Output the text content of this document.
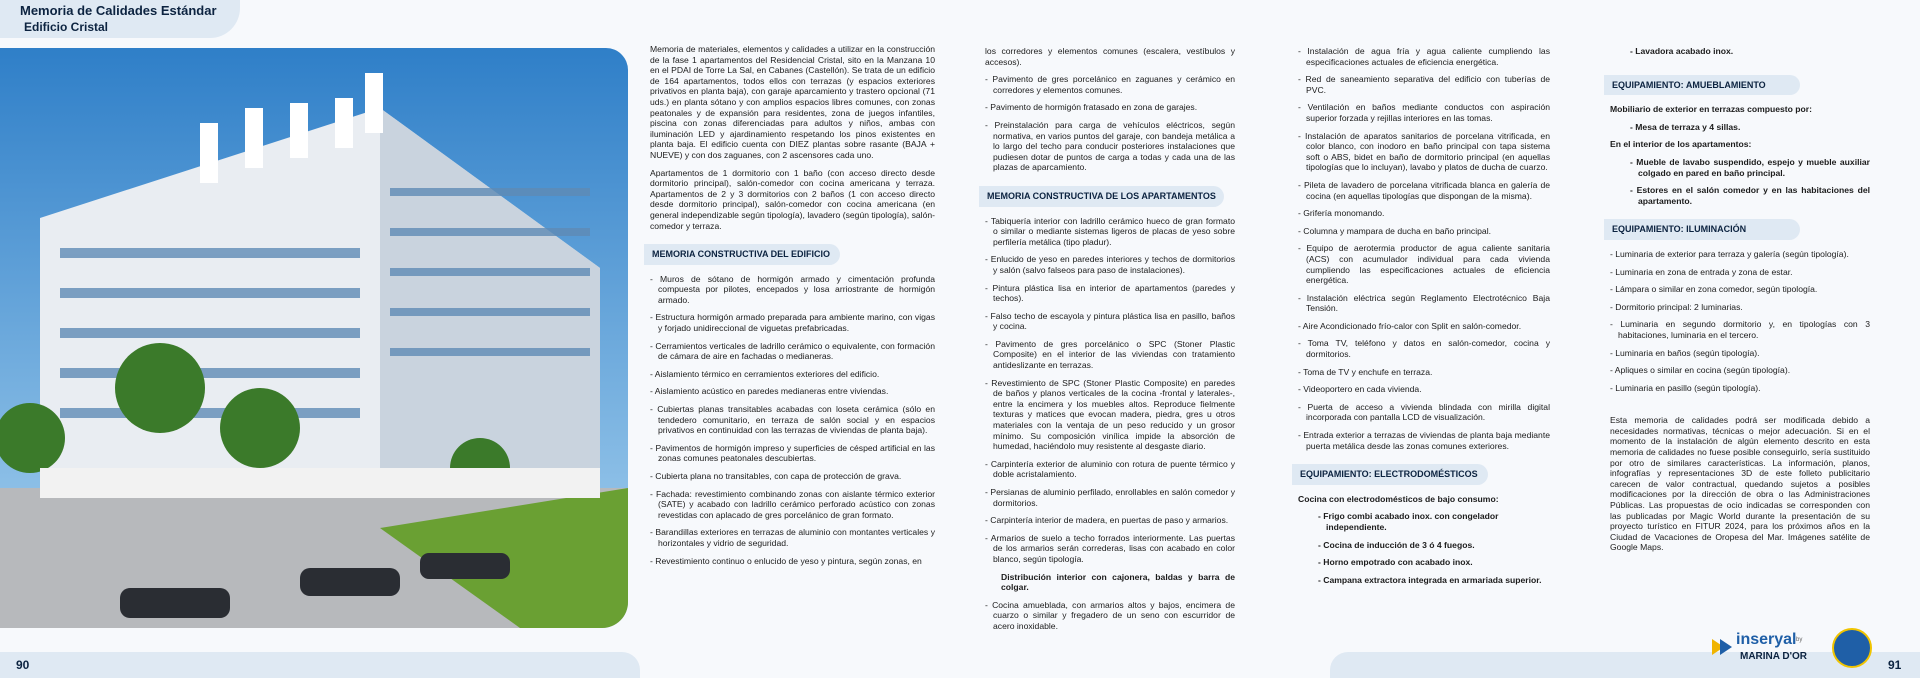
Memoria de Calidades Estándar
Edificio Cristal

Memoria de materiales, elementos y calidades a utilizar en la construcción de la fase 1 apartamentos del Residencial Cristal, sito en la Manzana 10 en el PDAI de Torre La Sal, en Cabanes (Castellón). Se trata de un edificio de 164 apartamentos, todos ellos con terrazas (y espacios exteriores privativos en planta baja), con garaje aparcamiento y trastero opcional (71 uds.) en planta sótano y con amplios espacios libres comunes, con zonas peatonales y de expansión para residentes, zona de juegos infantiles, piscina con zonas diferenciadas para adultos y niños, ambas con iluminación LED y ajardinamiento respetando los pinos existentes en planta baja. El edificio cuenta con DIEZ plantas sobre rasante (BAJA + NUEVE) y con dos zaguanes, con 2 ascensores cada uno.

Apartamentos de 1 dormitorio con 1 baño (con acceso directo desde dormitorio principal), salón-comedor con cocina americana y terraza. Apartamentos de 2 y 3 dormitorios con 2 baños (1 con acceso directo desde dormitorio principal), salón-comedor con cocina americana (en general independizable según tipología), lavadero (según tipología), salón-comedor y terraza.

MEMORIA CONSTRUCTIVA DEL EDIFICIO
- Muros de sótano de hormigón armado y cimentación profunda compuesta por pilotes, encepados y losa arriostrante de hormigón armado.
- Estructura hormigón armado preparada para ambiente marino, con vigas y forjado unidireccional de viguetas prefabricadas.
- Cerramientos verticales de ladrillo cerámico o equivalente, con formación de cámara de aire en fachadas o medianeras.
- Aislamiento térmico en cerramientos exteriores del edificio.
- Aislamiento acústico en paredes medianeras entre viviendas.
- Cubiertas planas transitables acabadas con loseta cerámica (sólo en tendedero comunitario, en terraza de salón social y en espacios privativos en continuidad con las terrazas de viviendas de planta baja).
- Pavimentos de hormigón impreso y superficies de césped artificial en las zonas comunes peatonales descubiertas.
- Cubierta plana no transitables, con capa de protección de grava.
- Fachada: revestimiento combinando zonas con aislante térmico exterior (SATE) y acabado con ladrillo cerámico perforado acústico con zonas revestidas con aplacado de gres porcelánico de gran formato.
- Barandillas exteriores en terrazas de aluminio con montantes verticales y horizontales y vidrio de seguridad.
- Revestimiento continuo o enlucido de yeso y pintura, según zonas, en

los corredores y elementos comunes (escalera, vestíbulos y accesos).

- Pavimento de gres porcelánico en zaguanes y cerámico en corredores y elementos comunes.
- Pavimento de hormigón fratasado en zona de garajes.
- Preinstalación para carga de vehículos eléctricos, según normativa, en varios puntos del garaje, con bandeja metálica a lo largo del techo para conducir posteriores instalaciones que pudiesen dotar de puntos de carga a todas y cada una de las plazas de aparcamiento.
MEMORIA CONSTRUCTIVA DE LOS APARTAMENTOS
- Tabiquería interior con ladrillo cerámico hueco de gran formato o similar o mediante sistemas ligeros de placas de yeso sobre perfilería metálica (tipo pladur).
- Enlucido de yeso en paredes interiores y techos de dormitorios y salón (salvo falseos para paso de instalaciones).
- Pintura plástica lisa en interior de apartamentos (paredes y techos).
- Falso techo de escayola y pintura plástica lisa en pasillo, baños y cocina.
- Pavimento de gres porcelánico o SPC (Stoner Plastic Composite) en el interior de las viviendas con tratamiento antideslizante en terrazas.
- Revestimiento de SPC (Stoner Plastic Composite) en paredes de baños y planos verticales de la cocina -frontal y laterales-, entre la encimera y los muebles altos. Reproduce fielmente texturas y matices que evocan madera, piedra, gres u otros materiales con la ventaja de un peso reducido y un grosor mínimo. Su composición vinílica impide la absorción de humedad, haciéndolo muy resistente al desgaste diario.
- Carpintería exterior de aluminio con rotura de puente térmico y doble acristalamiento.
- Persianas de aluminio perfilado, enrollables en salón comedor y dormitorios.
- Carpintería interior de madera, en puertas de paso y armarios.
- Armarios de suelo a techo forrados interiormente. Las puertas de los armarios serán correderas, lisas con acabado en color blanco, según tipología.
Distribución interior con cajonera, baldas y barra de colgar.
- Cocina amueblada, con armarios altos y bajos, encimera de cuarzo o similar y fregadero de un seno con escurridor de acero inoxidable.
- Instalación de agua fría y agua caliente cumpliendo las especificaciones actuales de eficiencia energética.
- Red de saneamiento separativa del edificio con tuberías de PVC.
- Ventilación en baños mediante conductos con aspiración superior forzada y rejillas interiores en las tomas.
- Instalación de aparatos sanitarios de porcelana vitrificada, en color blanco, con inodoro en baño principal con tapa sistema soft o ABS, bidet en baño de dormitorio principal (en aquellas tipologías que lo incluyan), lavabo y platos de ducha de cuarzo.
- Pileta de lavadero de porcelana vitrificada blanca en galería de cocina (en aquellas tipologías que dispongan de la misma).
- Grifería monomando.
- Columna y mampara de ducha en baño principal.
- Equipo de aerotermia productor de agua caliente sanitaria (ACS) con acumulador individual para cada vivienda cumpliendo las especificaciones actuales de eficiencia energética.
- Instalación eléctrica según Reglamento Electrotécnico Baja Tensión.
- Aire Acondicionado frío-calor con Split en salón-comedor.
- Toma TV, teléfono y datos en salón-comedor, cocina y dormitorios.
- Toma de TV y enchufe en terraza.
- Videoportero en cada vivienda.
- Puerta de acceso a vivienda blindada con mirilla digital incorporada con pantalla LCD de visualización.
- Entrada exterior a terrazas de viviendas de planta baja mediante puerta metálica desde las zonas comunes exteriores.
EQUIPAMIENTO: ELECTRODOMÉSTICOS

Cocina con electrodomésticos de bajo consumo:

- Frigo combi acabado inox. con congelador independiente.
- Cocina de inducción de 3 ó 4 fuegos.
- Horno empotrado con acabado inox.
- Campana extractora integrada en armariada superior.
- Lavadora acabado inox.
EQUIPAMIENTO: AMUEBLAMIENTO

Mobiliario de exterior en terrazas compuesto por:

- Mesa de terraza y 4 sillas.

En el interior de los apartamentos:

- Mueble de lavabo suspendido, espejo y mueble auxiliar colgado en pared en baño principal.
- Estores en el salón comedor y en las habitaciones del apartamento.
EQUIPAMIENTO: ILUMINACIÓN
- Luminaria de exterior para terraza y galería (según tipología).
- Luminaria en zona de entrada y zona de estar.
- Lámpara o similar en zona comedor, según tipología.
- Dormitorio principal: 2 luminarias.
- Luminaria en segundo dormitorio y, en tipologías con 3 habitaciones, luminaria en el tercero.
- Luminaria en baños (según tipología).
- Apliques o similar en cocina (según tipología).
- Luminaria en pasillo (según tipología).

Esta memoria de calidades podrá ser modificada debido a necesidades normativas, técnicas o mejor adecuación. Si en el momento de la instalación de algún elemento descrito en esta memoria de calidades no fuese posible conseguirlo, sería sustituido por otro de similares características. La información, planos, infografías y representaciones 3D de este folleto publicitario carecen de valor contractual, quedando sujetos a posibles modificaciones por la dirección de obra o las Administraciones Públicas. Las propuestas de ocio indicadas se corresponden con las publicadas por Magic World durante la presentación de su proyecto turístico en FITUR 2024, para los próximos años en la Ciudad de Vacaciones de Oropesa del Mar. Imágenes satélite de Google Maps.

90	91
inseryal by
MARINA D'OR
